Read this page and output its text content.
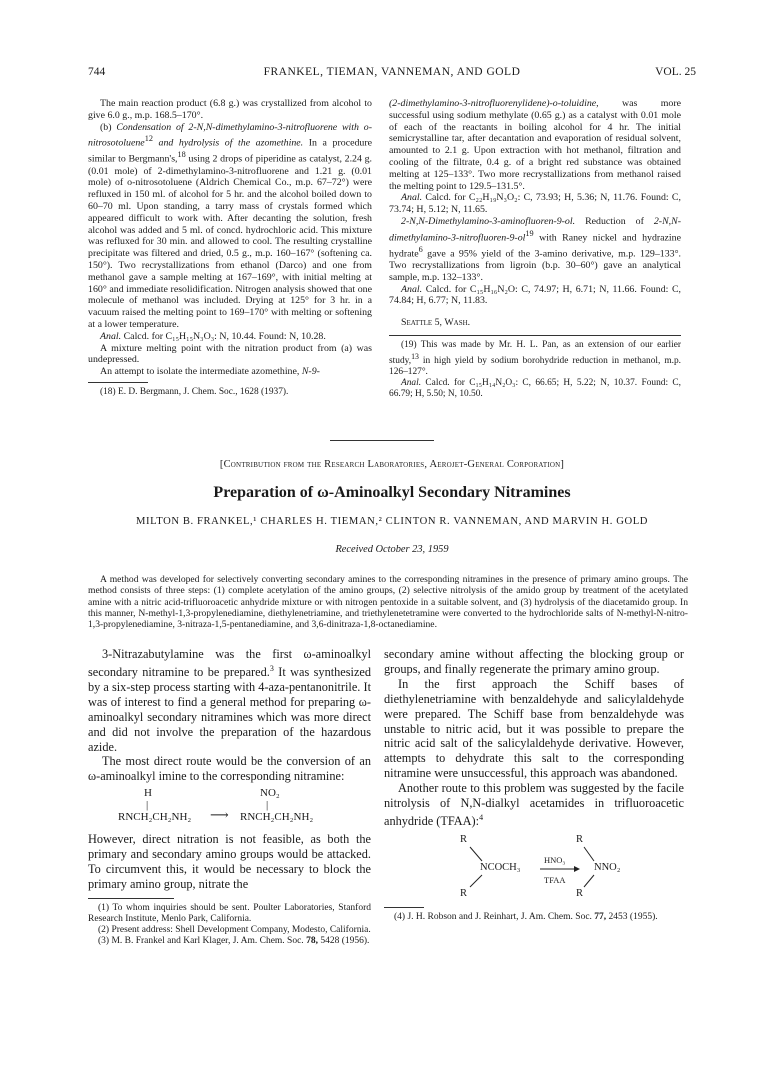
744	FRANKEL, TIEMAN, VANNEMAN, AND GOLD	VOL. 25

The main reaction product (6.8 g.) was crystallized from alcohol to give 6.0 g., m.p. 168.5–170°.

(b) Condensation of 2-N,N-dimethylamino-3-nitrofluorene with o-nitrosotoluene$^{12}$ and hydrolysis of the azomethine. In a procedure similar to Bergmann's,$^{18}$ using 2 drops of piperidine as catalyst, 2.24 g. (0.01 mole) of 2-dimethylamino-3-nitrofluorene and 1.21 g. (0.01 mole) of o-nitrosotoluene (Aldrich Chemical Co., m.p. 67–72°) were refluxed in 150 ml. of alcohol for 5 hr. and the alcohol boiled down to 60–70 ml. Upon standing, a tarry mass of crystals formed which appeared difficult to work with. After decanting the solution, fresh alcohol was added and 5 ml. of concd. hydrochloric acid. This mixture was refluxed for 30 min. and allowed to cool. The resulting crystalline precipitate was filtered and dried, 0.5 g., m.p. 160–167° (softening ca. 150°). Two recrystallizations from ethanol (Darco) and one from methanol gave a sample melting at 167–169°, with initial melting at 160° and immediate resolidification. Nitrogen analysis showed that one molecule of methanol was included. Drying at 125° for 3 hr. in a vacuum raised the melting point to 169–170° with melting or softening at a lower temperature.

Anal. Calcd. for C₁₅H₁₅N₃O₃: N, 10.44. Found: N, 10.28.

A mixture melting point with the nitration product from (a) was undepressed.

An attempt to isolate the intermediate azomethine, N-9-

(18) E. D. Bergmann, J. Chem. Soc., 1628 (1937).

(2-dimethylamino-3-nitrofluorenylidene)-o-toluidine, was more successful using sodium methylate (0.65 g.) as a catalyst with 0.01 mole of each of the reactants in boiling alcohol for 4 hr. The initial semicrystalline tar, after decantation and evaporation of residual solvent, amounted to 2.1 g. Upon extraction with hot methanol, filtration and cooling of the filtrate, 0.4 g. of a bright red substance was obtained melting at 125–133°. Two more recrystallizations from methanol raised the melting point to 129.5–131.5°.

Anal. Calcd. for C₂₂H₁₉N₃O₂: C, 73.93; H, 5.36; N, 11.76. Found: C, 73.74; H, 5.12; N, 11.65.

2-N,N-Dimethylamino-3-aminofluoren-9-ol. Reduction of $2-N,N-dimethylamino-3-nitrofluoren-9-ol^{19}$ with Raney nickel and hydrazine hydrate$^6$ gave a 95% yield of the 3-amino derivative, m.p. 129–133°. Two recrystallizations from ligroin (b.p. 30–60°) gave an analytical sample, m.p. 132–133°.

Anal. Calcd. for C₁₅H₁₆N₂O: C, 74.97; H, 6.71; N, 11.66. Found: C, 74.84; H, 6.77; N, 11.83.

Seattle 5, Wash.

(19) This was made by Mr. H. L. Pan, as an extension of our earlier study,$^{13}$ in high yield by sodium borohydride reduction in methanol, m.p. 126–127°.

Anal. Calcd. for C₁₅H₁₄N₂O₃: C, 66.65; H, 5.22; N, 10.37. Found: C, 66.79; H, 5.50; N, 10.50.

[Contribution from the Research Laboratories, Aerojet-General Corporation]
Preparation of ω-Aminoalkyl Secondary Nitramines
MILTON B. FRANKEL,¹ CHARLES H. TIEMAN,² CLINTON R. VANNEMAN, AND MARVIN H. GOLD
Received October 23, 1959
A method was developed for selectively converting secondary amines to the corresponding nitramines in the presence of primary amino groups. The method consists of three steps: (1) complete acetylation of the amino groups, (2) selective nitrolysis of the amido group by treatment of the acetylated amine with a nitric acid-trifluoroacetic anhydride mixture or with nitrogen pentoxide in a suitable solvent, and (3) hydrolysis of the diacetamido group. In this manner, N-methyl-1,3-propylenediamine, diethylenetriamine, and triethylenetetramine were converted to the hydrochloride salts of N-methyl-N-nitro-1,3-propylenediamine, 3-nitraza-1,5-pentanediamine, and 3,6-dinitraza-1,8-octanediamine.

3-Nitrazabutylamine was the first ω-aminoalkyl secondary nitramine to be prepared.$^3$ It was synthesized by a six-step process starting with 4-aza-pentanonitrile. It was of interest to find a general method for preparing ω-aminoalkyl secondary nitramines which was more direct and did not involve the preparation of the hazardous azide.

The most direct route would be the conversion of an ω-aminoalkyl imine to the corresponding nitramine:

H
|
NO₂
|
RNCH₂CH₂NH₂ ⟶ RNCH₂CH₂NH₂

However, direct nitration is not feasible, as both the primary and secondary amino groups would be attacked. To circumvent this, it would be necessary to block the primary amino group, nitrate the

(1) To whom inquiries should be sent. Poulter Laboratories, Stanford Research Institute, Menlo Park, California.

(2) Present address: Shell Development Company, Modesto, California.

(3) M. B. Frankel and Karl Klager, J. Am. Chem. Soc. 78, 5428 (1956).

secondary amine without affecting the blocking group or groups, and finally regenerate the primary amino group.

In the first approach the Schiff bases of diethylenetriamine with benzaldehyde and salicylaldehyde were prepared. The Schiff base from benzaldehyde was unstable to nitric acid, but it was possible to prepare the nitric acid salt of the salicylaldehyde derivative. However, attempts to dehydrate this salt to the corresponding nitramine were unsuccessful, this approach was abandoned.

Another route to this problem was suggested by the facile nitrolysis of N,N-dialkyl acetamides in trifluoroacetic anhydride (TFAA):$^4$

R
R
NCOCH₃
HNO₃
TFAA
R
R
NNO₂

(4) J. H. Robson and J. Reinhart, J. Am. Chem. Soc. 77, 2453 (1955).
